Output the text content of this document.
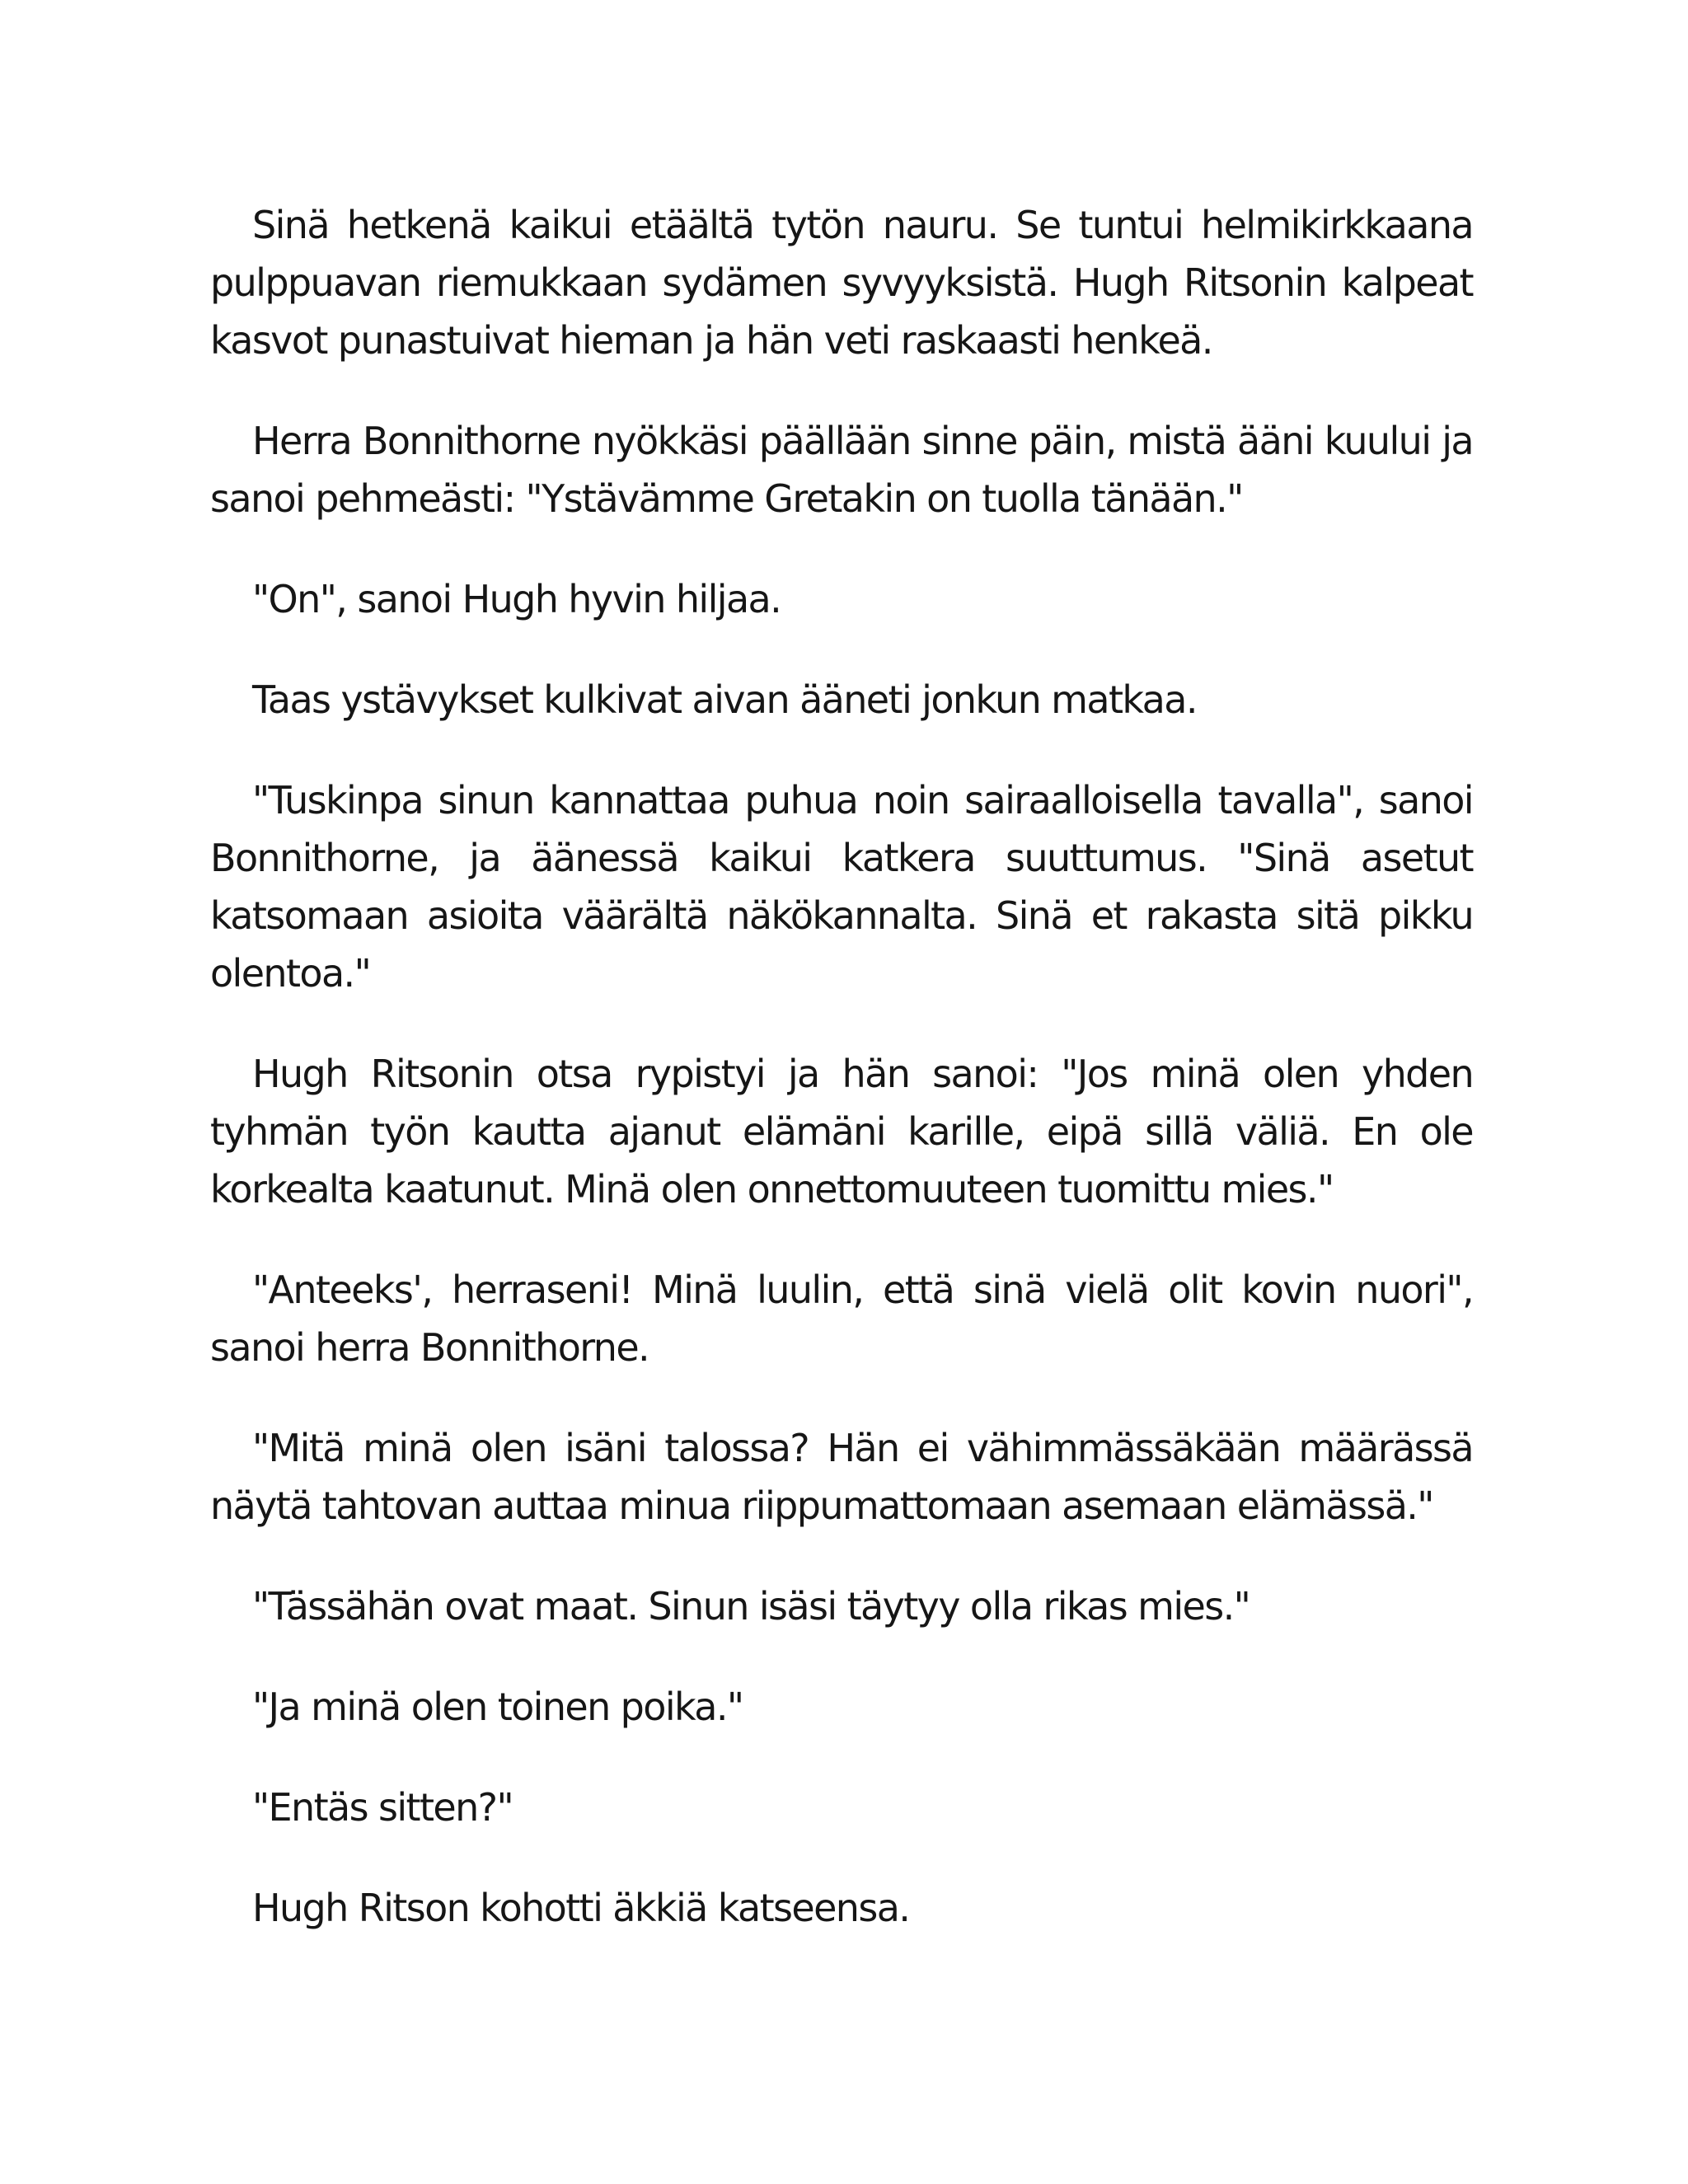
Sinä hetkenä kaikui etäältä tytön nauru. Se tuntui helmikirkkaana pulppuavan riemukkaan sydämen syvyyksistä. Hugh Ritsonin kalpeat kasvot punastuivat hieman ja hän veti raskaasti henkeä.

Herra Bonnithorne nyökkäsi päällään sinne päin, mistä ääni kuului ja sanoi pehmeästi: "Ystävämme Gretakin on tuolla tänään."

"On", sanoi Hugh hyvin hiljaa.

Taas ystävykset kulkivat aivan ääneti jonkun matkaa.

"Tuskinpa sinun kannattaa puhua noin sairaalloisella tavalla", sanoi Bonnithorne, ja äänessä kaikui katkera suuttumus. "Sinä asetut katsomaan asioita väärältä näkökannalta. Sinä et rakasta sitä pikku olentoa."

Hugh Ritsonin otsa rypistyi ja hän sanoi: "Jos minä olen yhden tyhmän työn kautta ajanut elämäni karille, eipä sillä väliä. En ole korkealta kaatunut. Minä olen onnettomuuteen tuomittu mies."

"Anteeks', herraseni! Minä luulin, että sinä vielä olit kovin nuori", sanoi herra Bonnithorne.

"Mitä minä olen isäni talossa? Hän ei vähimmässäkään määrässä näytä tahtovan auttaa minua riippumattomaan asemaan elämässä."

"Tässähän ovat maat. Sinun isäsi täytyy olla rikas mies."

"Ja minä olen toinen poika."

"Entäs sitten?"

Hugh Ritson kohotti äkkiä katseensa.
